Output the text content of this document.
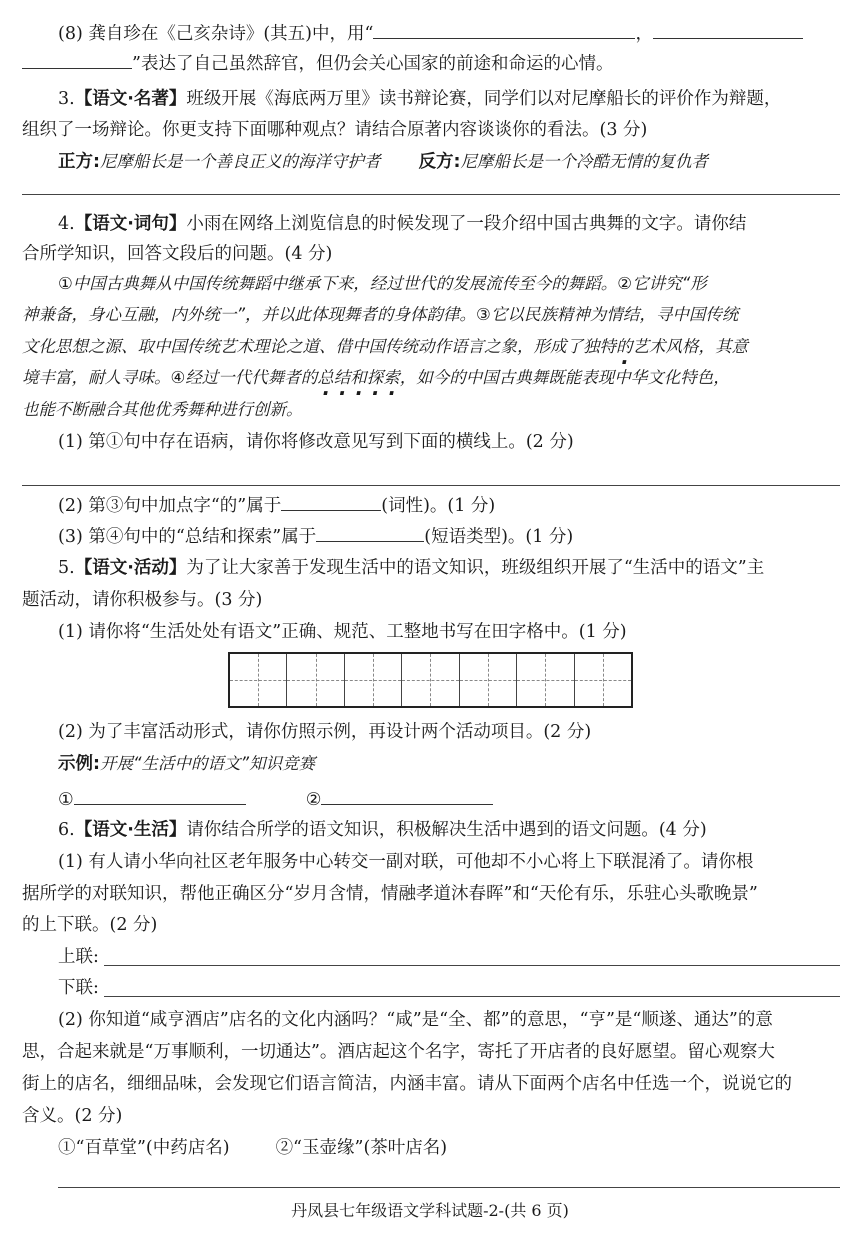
(8) 龚自珍在《己亥杂诗》(其五)中，用“	，
”表达了自己虽然辞官，但仍会关心国家的前途和命运的心情。
3.【语文·名著】班级开展《海底两万里》读书辩论赛，同学们以对尼摩船长的评价作为辩题，
组织了一场辩论。你更支持下面哪种观点？请结合原著内容谈谈你的看法。(3 分)
正方:尼摩船长是一个善良正义的海洋守护者 反方:尼摩船长是一个冷酷无情的复仇者
4.【语文·词句】小雨在网络上浏览信息的时候发现了一段介绍中国古典舞的文字。请你结
合所学知识，回答文段后的问题。(4 分)
①中国古典舞从中国传统舞蹈中继承下来，经过世代的发展流传至今的舞蹈。②它讲究“形
神兼备，身心互融，内外统一”，并以此体现舞者的身体韵律。③它以民族精神为情结，寻中国传统
文化思想之源、取中国传统艺术理论之道、借中国传统动作语言之象，形成了独特的艺术风格，其意
境丰富，耐人寻味。④经过一代代舞者的总结和探索，如今的中国古典舞既能表现中华文化特色，
也能不断融合其他优秀舞种进行创新。
(1) 第①句中存在语病，请你将修改意见写到下面的横线上。(2 分)
(2) 第③句中加点字“的”属于	(词性)。(1 分)
(3) 第④句中的“总结和探索”属于	(短语类型)。(1 分)
5.【语文·活动】为了让大家善于发现生活中的语文知识，班级组织开展了“生活中的语文”主
题活动，请你积极参与。(3 分)
(1) 请你将“生活处处有语文”正确、规范、工整地书写在田字格中。(1 分)
(2) 为了丰富活动形式，请你仿照示例，再设计两个活动项目。(2 分)
示例:开展“生活中的语文”知识竞赛
①	②
6.【语文·生活】请你结合所学的语文知识，积极解决生活中遇到的语文问题。(4 分)
(1) 有人请小华向社区老年服务中心转交一副对联，可他却不小心将上下联混淆了。请你根
据所学的对联知识，帮他正确区分“岁月含情，情融孝道沐春晖”和“天伦有乐，乐驻心头歌晚景”
的上下联。(2 分)
上联:
下联:
(2) 你知道“咸亨酒店”店名的文化内涵吗？“咸”是“全、都”的意思，“亨”是“顺遂、通达”的意
思，合起来就是“万事顺利，一切通达”。酒店起这个名字，寄托了开店者的良好愿望。留心观察大
街上的店名，细细品味，会发现它们语言简洁，内涵丰富。请从下面两个店名中任选一个，说说它的
含义。(2 分)
①“百草堂”(中药店名)	②“玉壶缘”(茶叶店名)
丹凤县七年级语文学科试题-2-(共 6 页)
